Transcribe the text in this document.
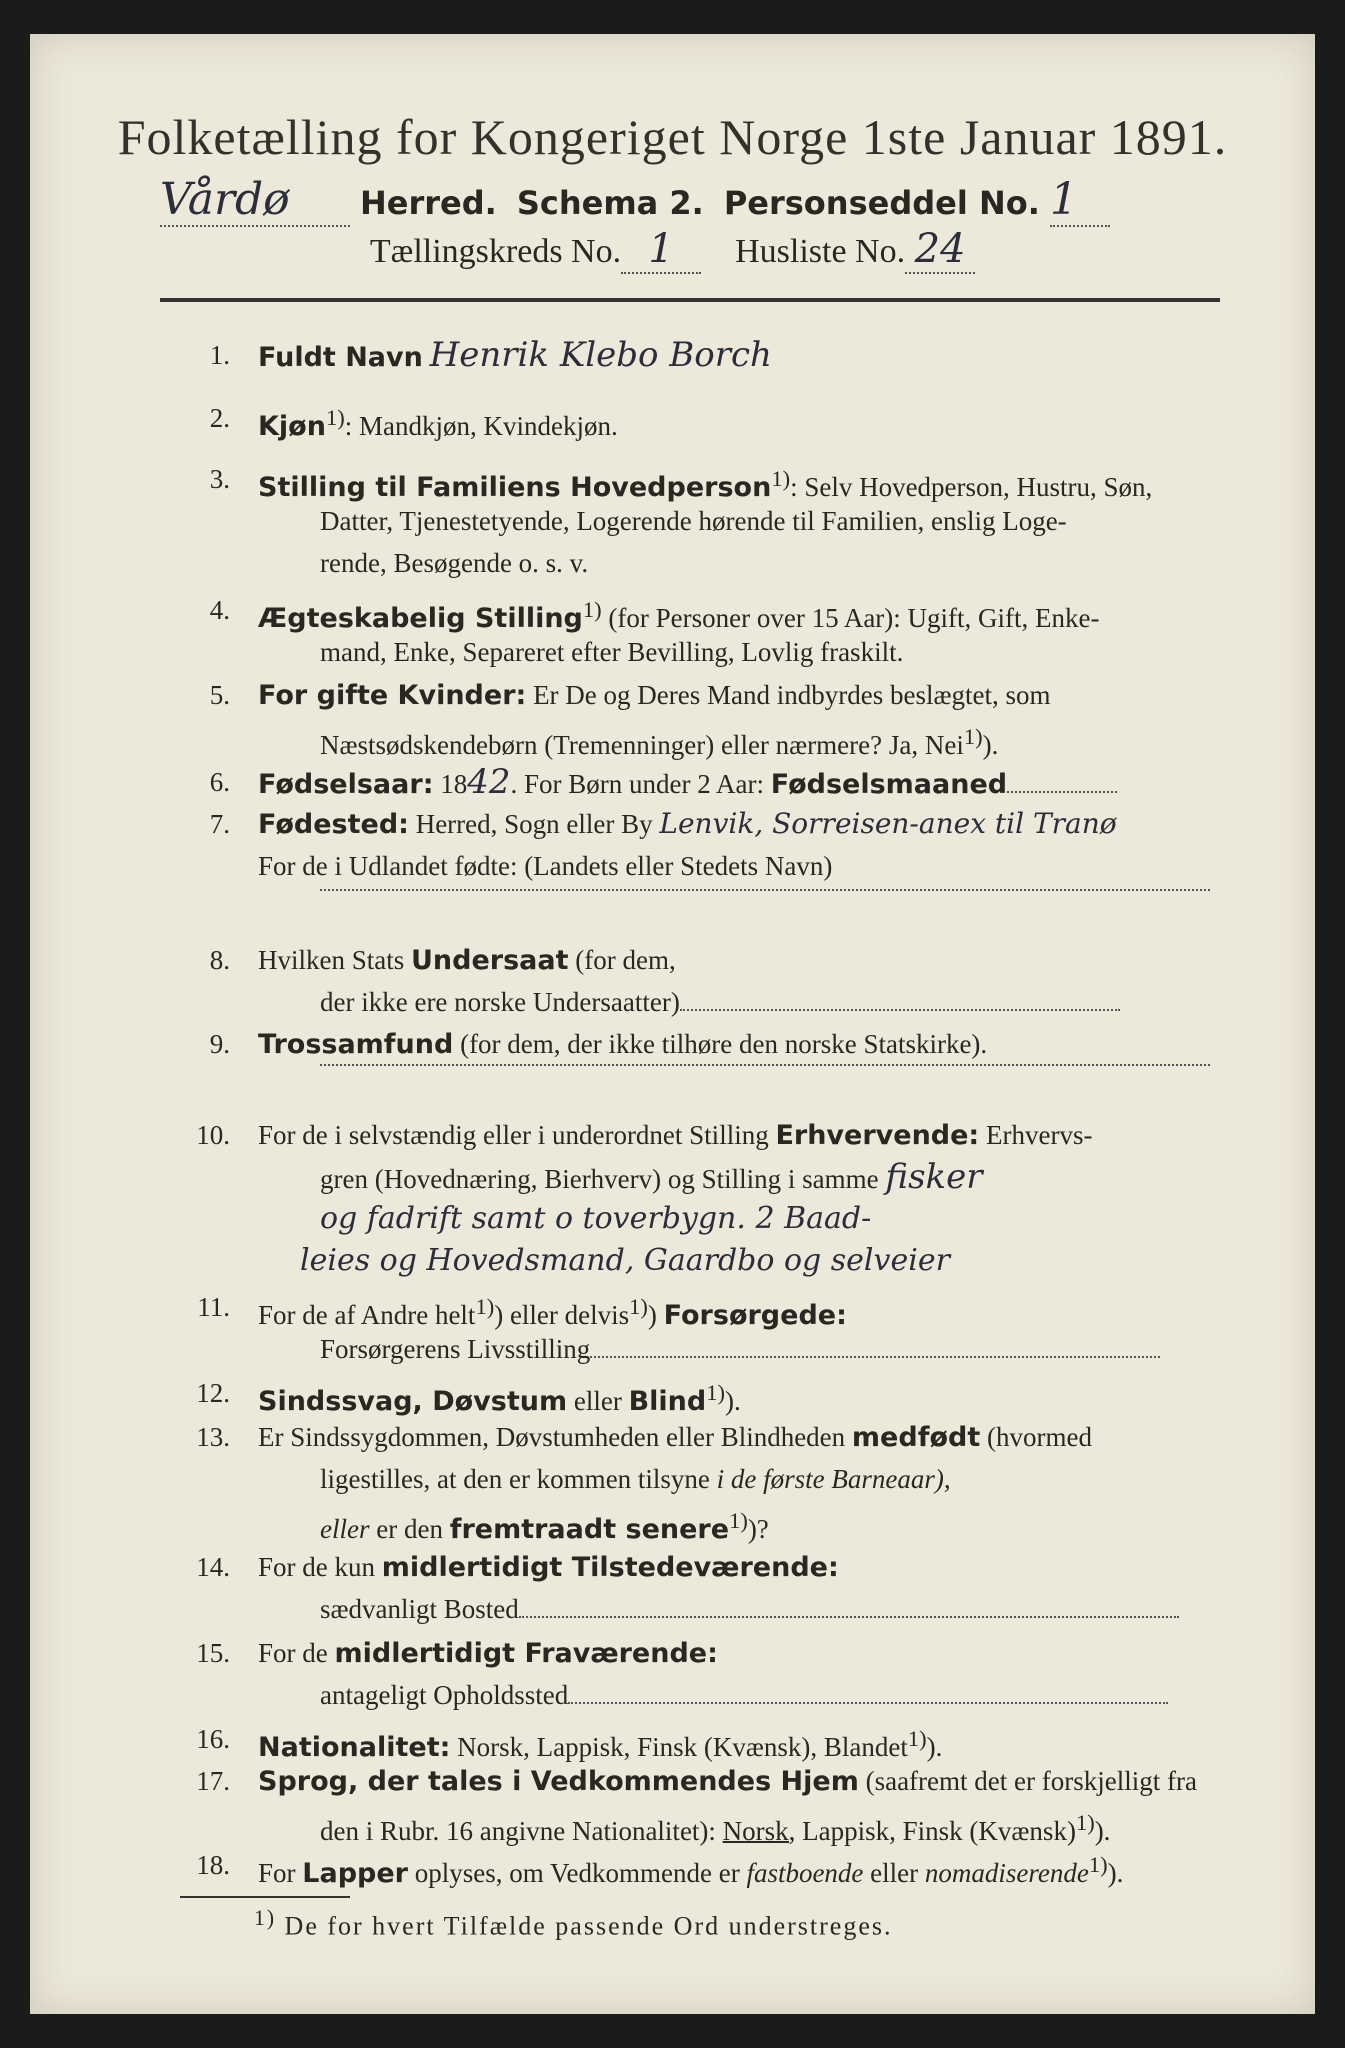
Folketælling for Kongeriget Norge 1ste Januar 1891.
Vårdø Herred. Schema 2. Personseddel No. 1
Tællingskreds No. 1 Husliste No. 24
1. Fuldt Navn Henrik Klebo Borch
2. Kjøn$^{1)}$: Mandkjøn, Kvindekjøn.
3. Stilling til Familiens Hovedperson$^{1)}$: Selv Hovedperson, Hustru, Søn,
Datter, Tjenestetyende, Logerende hørende til Familien, enslig Loge-
rende, Besøgende o. s. v.
4. Ægteskabelig Stilling$^{1)}$ (for Personer over 15 Aar): Ugift, Gift, Enke-
mand, Enke, Separeret efter Bevilling, Lovlig fraskilt.
5. For gifte Kvinder: Er De og Deres Mand indbyrdes beslægtet, som
Næstsødskendebørn (Tremenninger) eller nærmere? Ja, Nei$^{1)}$).
6. Fødselsaar: 1842. For Børn under 2 Aar: Fødselsmaaned
7. Fødested: Herred, Sogn eller By Lenvik, Sorreisen-anex til Tranø
For de i Udlandet fødte: (Landets eller Stedets Navn)
8. Hvilken Stats Undersaat (for dem,
der ikke ere norske Undersaatter)
9. Trossamfund (for dem, der ikke tilhøre den norske Statskirke).
10. For de i selvstændig eller i underordnet Stilling Erhvervende: Erhvervs-
gren (Hovednæring, Bierhverv) og Stilling i samme fisker
og fadrift samt o toverbygn. 2 Baad-
leies og Hovedsmand, Gaardbo og selveier
11. For de af Andre helt$^{1)}$) eller delvis$^{1)}$) Forsørgede:
Forsørgerens Livsstilling
12. Sindssvag, Døvstum eller Blind$^{1)}$).
13. Er Sindssygdommen, Døvstumheden eller Blindheden medfødt (hvormed
ligestilles, at den er kommen tilsyne i de første Barneaar),
eller er den fremtraadt senere$^{1)}$)?
14. For de kun midlertidigt Tilstedeværende:
sædvanligt Bosted
15. For de midlertidigt Fraværende:
antageligt Opholdssted
16. Nationalitet: Norsk, Lappisk, Finsk (Kvænsk), Blandet$^{1)}$).
17. Sprog, der tales i Vedkommendes Hjem (saafremt det er forskjelligt fra
den i Rubr. 16 angivne Nationalitet): Norsk, Lappisk, Finsk (Kvænsk)$^{1)}$).
18. For Lapper oplyses, om Vedkommende er fastboende eller nomadiserende$^{1)}$).
$^{1)}$ De for hvert Tilfælde passende Ord understreges.
